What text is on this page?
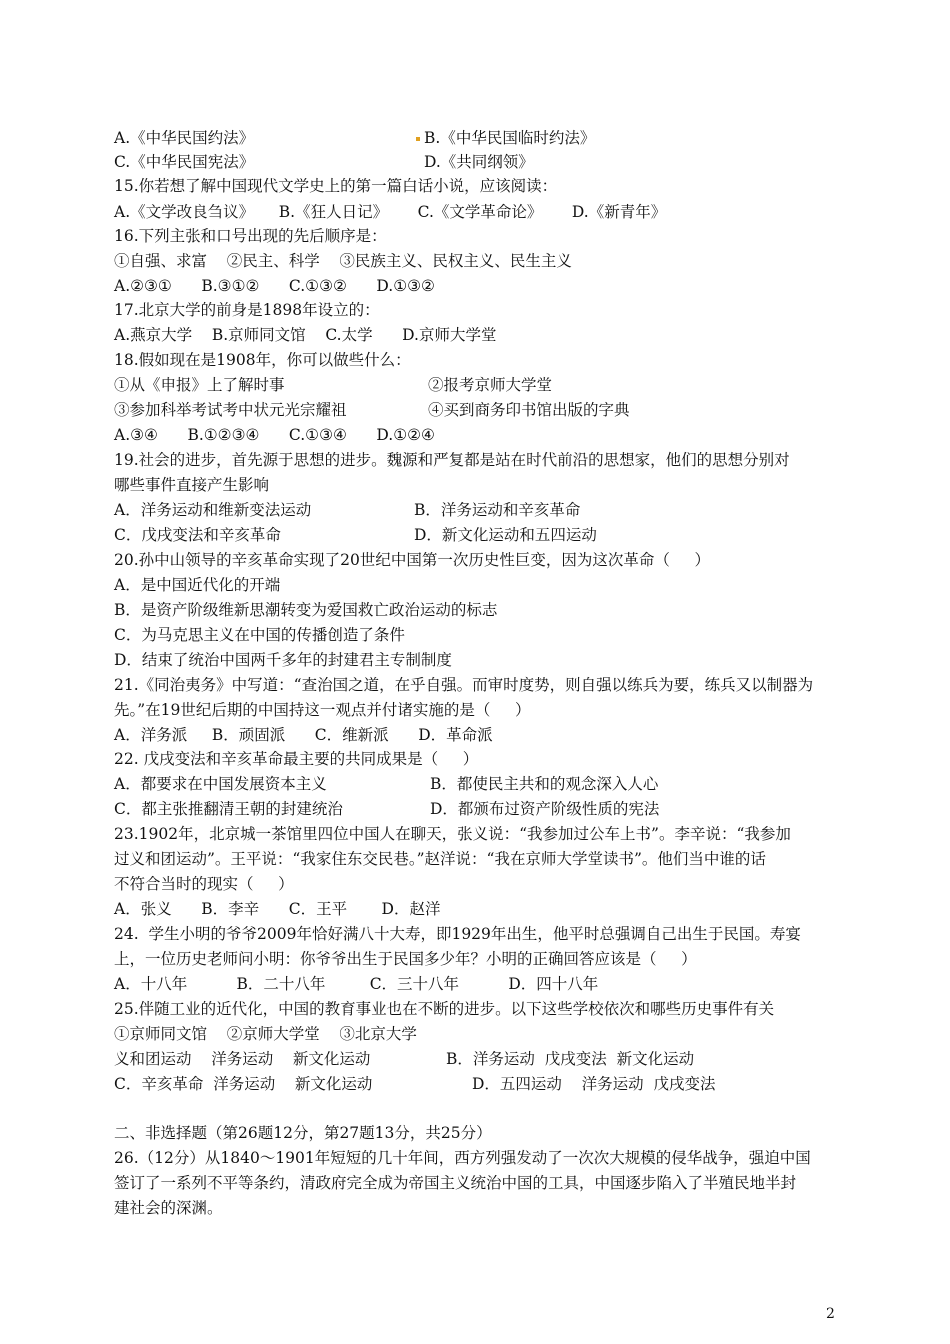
A.《中华民国约法》	B.《中华民国临时约法》
C.《中华民国宪法》	D.《共同纲领》
15.你若想了解中国现代文学史上的第一篇白话小说，应该阅读：
A.《文学改良刍议》     B.《狂人日记》      C.《文学革命论》      D.《新青年》
16.下列主张和口号出现的先后顺序是：
①自强、求富    ②民主、科学    ③民族主义、民权主义、民生主义
A.②③①      B.③①②      C.①③②      D.①③②
17.北京大学的前身是1898年设立的：
A.燕京大学    B.京师同文馆    C.太学      D.京师大学堂
18.假如现在是1908年，你可以做些什么：
①从《申报》上了解时事	②报考京师大学堂
③参加科举考试考中状元光宗耀祖	④买到商务印书馆出版的字典
A.③④      B.①②③④      C.①③④      D.①②④
19.社会的进步，首先源于思想的进步。魏源和严复都是站在时代前沿的思想家，他们的思想分别对
哪些事件直接产生影响
A．洋务运动和维新变法运动	B．洋务运动和辛亥革命
C．戊戌变法和辛亥革命	D．新文化运动和五四运动
20.孙中山领导的辛亥革命实现了20世纪中国第一次历史性巨变，因为这次革命（     ）
A．是中国近代化的开端
B．是资产阶级维新思潮转变为爱国救亡政治运动的标志
C．为马克思主义在中国的传播创造了条件
D．结束了统治中国两千多年的封建君主专制制度
21.《同治夷务》中写道：“查治国之道，在乎自强。而审时度势，则自强以练兵为要，练兵又以制器为
先。”在19世纪后期的中国持这一观点并付诸实施的是（     ）
A．洋务派     B．顽固派      C．维新派      D．革命派
22. 戊戌变法和辛亥革命最主要的共同成果是（     ）
A．都要求在中国发展资本主义	B．都使民主共和的观念深入人心
C．都主张推翻清王朝的封建统治	D．都颁布过资产阶级性质的宪法
23.1902年，北京城一茶馆里四位中国人在聊天，张义说：“我参加过公车上书”。李辛说：“我参加
过义和团运动”。王平说：“我家住东交民巷。”赵洋说：“我在京师大学堂读书”。他们当中谁的话
不符合当时的现实（     ）
A．张义      B．李辛      C．王平       D．赵洋
24.  学生小明的爷爷2009年恰好满八十大寿，即1929年出生，他平时总强调自己出生于民国。寿宴
上，一位历史老师问小明：你爷爷出生于民国多少年？小明的正确回答应该是（     ）
A．十八年          B．二十八年         C．三十八年          D．四十八年
25.伴随工业的近代化，中国的教育事业也在不断的进步。以下这些学校依次和哪些历史事件有关
①京师同文馆    ②京师大学堂    ③北京大学
义和团运动    洋务运动    新文化运动	B．洋务运动  戊戌变法  新文化运动
C．辛亥革命  洋务运动    新文化运动	D．五四运动    洋务运动  戊戌变法
二、非选择题（第26题12分，第27题13分，共25分）
26.（12分）从1840～1901年短短的几十年间，西方列强发动了一次次大规模的侵华战争，强迫中国
签订了一系列不平等条约，清政府完全成为帝国主义统治中国的工具，中国逐步陷入了半殖民地半封
建社会的深渊。
2
